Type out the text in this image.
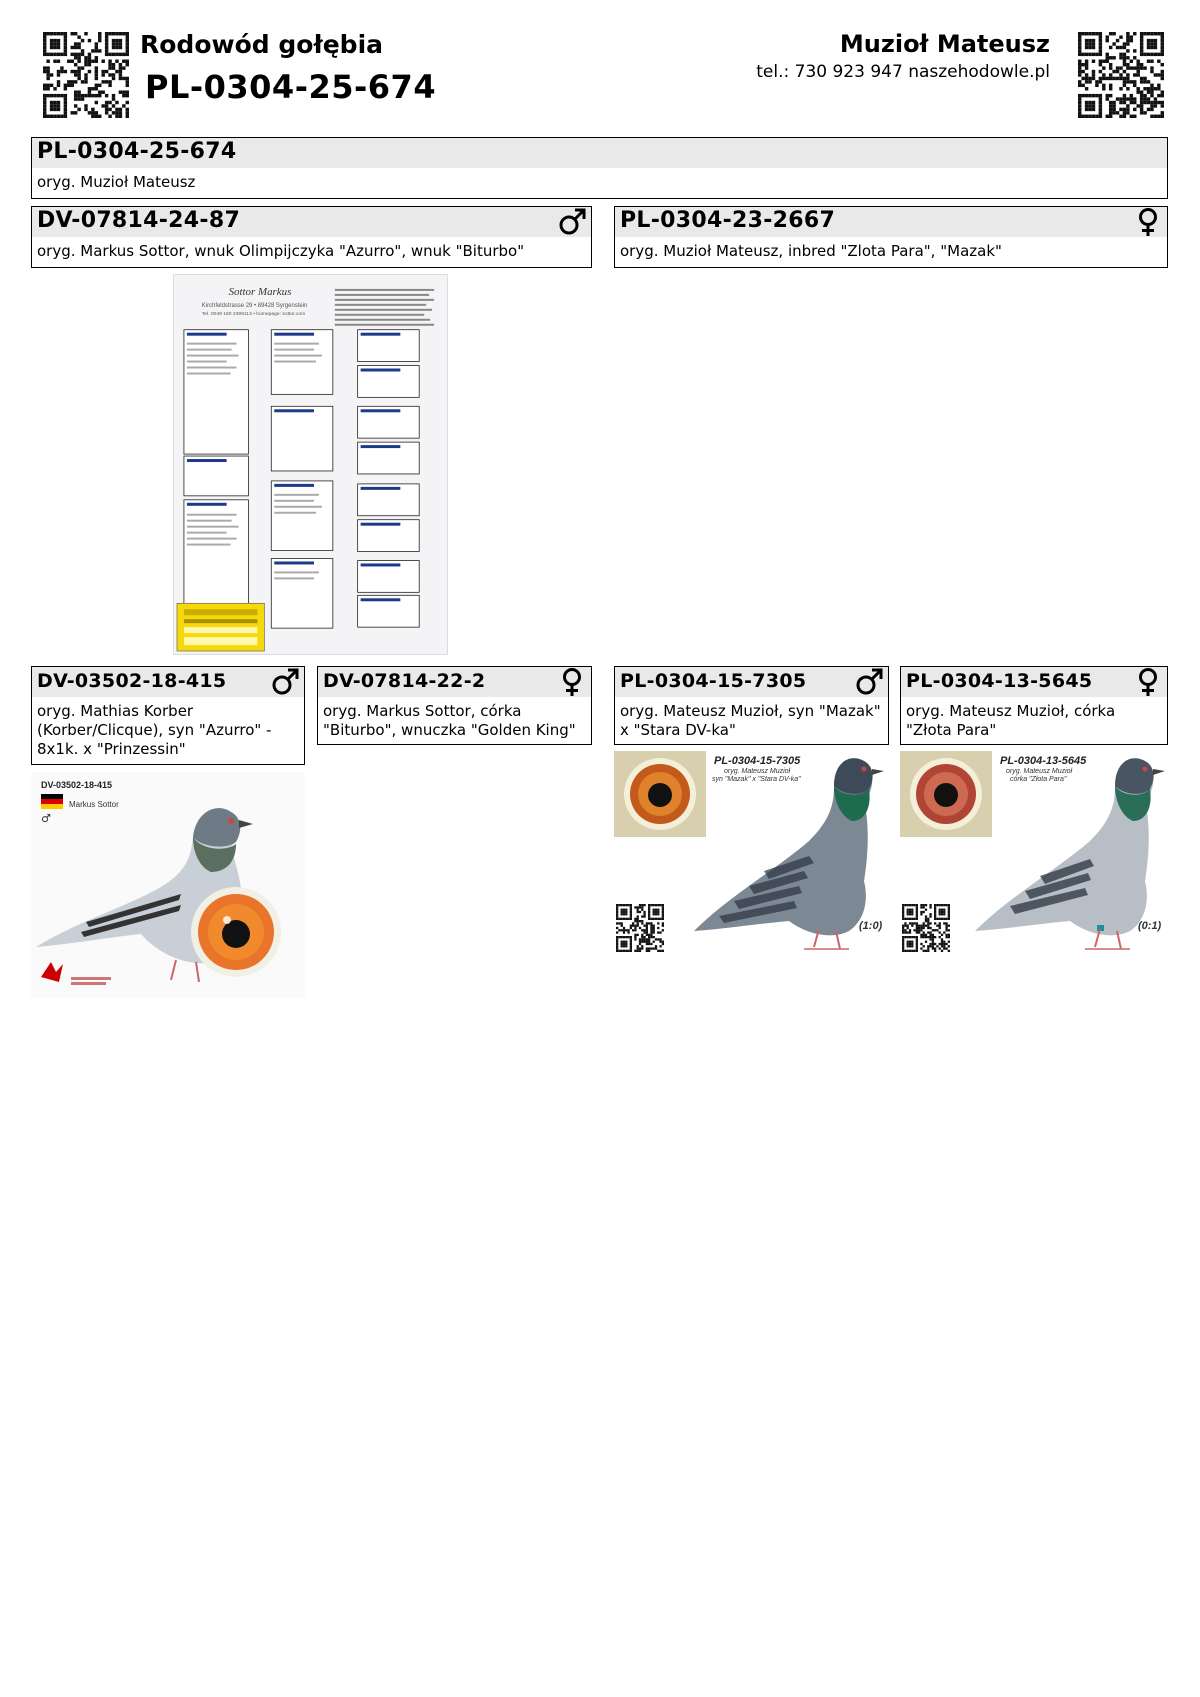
Rodowód gołębia
PL-0304-25-674
Muzioł Mateusz
tel.: 730 923 947 naszehodowle.pl
PL-0304-25-674
oryg. Muzioł Mateusz
DV-07814-24-87
oryg. Markus Sottor, wnuk Olimpijczyka "Azurro", wnuk "Biturbo"
PL-0304-23-2667
oryg. Muzioł Mateusz, inbred "Zlota Para", "Mazak"
Sottor Markus
Kirchfeldstrasse 29 • 89428 Syrgenstein
Tel. 0049 160 2399113 • homepage: sottor.com
DV-03502-18-415
oryg. Mathias Korber (Korber/Clicque), syn "Azurro" - 8x1k. x "Prinzessin"
DV-07814-22-2
oryg. Markus Sottor, córka "Biturbo", wnuczka "Golden King"
PL-0304-15-7305
oryg. Mateusz Muzioł, syn "Mazak" x "Stara DV-ka"
PL-0304-13-5645
oryg. Mateusz Muzioł, córka "Złota Para"
DV-03502-18-415
Markus Sottor
♂
PL-0304-15-7305
oryg. Mateusz Muzioł
syn "Mazak" x "Stara DV-ka"
(1:0)
PL-0304-13-5645
oryg. Mateusz Muzioł
córka "Złota Para"
(0:1)
